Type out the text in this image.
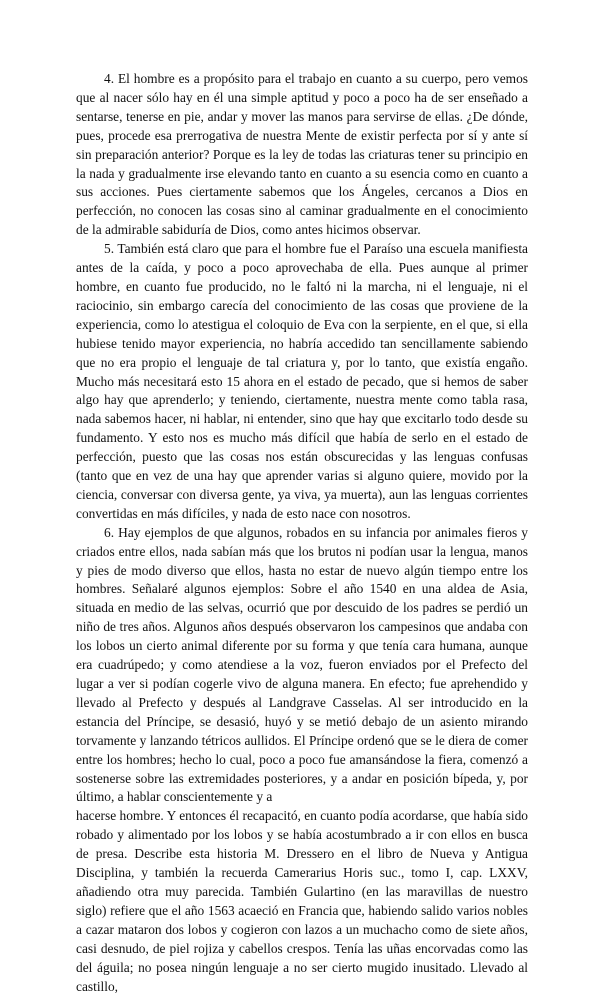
4. El hombre es a propósito para el trabajo en cuanto a su cuerpo, pero vemos que al nacer sólo hay en él una simple aptitud y poco a poco ha de ser enseñado a sentarse, tenerse en pie, andar y mover las manos para servirse de ellas. ¿De dónde, pues, procede esa prerrogativa de nuestra Mente de existir perfecta por sí y ante sí sin preparación anterior? Porque es la ley de todas las criaturas tener su principio en la nada y gradualmente irse elevando tanto en cuanto a su esencia como en cuanto a sus acciones. Pues ciertamente sabemos que los Ángeles, cercanos a Dios en perfección, no conocen las cosas sino al caminar gradualmente en el conocimiento de la admirable sabiduría de Dios, como antes hicimos observar.

5. También está claro que para el hombre fue el Paraíso una escuela manifiesta antes de la caída, y poco a poco aprovechaba de ella. Pues aunque al primer hombre, en cuanto fue producido, no le faltó ni la marcha, ni el lenguaje, ni el raciocinio, sin embargo carecía del conocimiento de las cosas que proviene de la experiencia, como lo atestigua el coloquio de Eva con la serpiente, en el que, si ella hubiese tenido mayor experiencia, no habría accedido tan sencillamente sabiendo que no era propio el lenguaje de tal criatura y, por lo tanto, que existía engaño. Mucho más necesitará esto 15 ahora en el estado de pecado, que si hemos de saber algo hay que aprenderlo; y teniendo, ciertamente, nuestra mente como tabla rasa, nada sabemos hacer, ni hablar, ni entender, sino que hay que excitarlo todo desde su fundamento. Y esto nos es mucho más difícil que había de serlo en el estado de perfección, puesto que las cosas nos están obscurecidas y las lenguas confusas (tanto que en vez de una hay que aprender varias si alguno quiere, movido por la ciencia, conversar con diversa gente, ya viva, ya muerta), aun las lenguas corrientes convertidas en más difíciles, y nada de esto nace con nosotros.

6. Hay ejemplos de que algunos, robados en su infancia por animales fieros y criados entre ellos, nada sabían más que los brutos ni podían usar la lengua, manos y pies de modo diverso que ellos, hasta no estar de nuevo algún tiempo entre los hombres. Señalaré algunos ejemplos: Sobre el año 1540 en una aldea de Asia, situada en medio de las selvas, ocurrió que por descuido de los padres se perdió un niño de tres años. Algunos años después observaron los campesinos que andaba con los lobos un cierto animal diferente por su forma y que tenía cara humana, aunque era cuadrúpedo; y como atendiese a la voz, fueron enviados por el Prefecto del lugar a ver si podían cogerle vivo de alguna manera. En efecto; fue aprehendido y llevado al Prefecto y después al Landgrave Casselas. Al ser introducido en la estancia del Príncipe, se desasió, huyó y se metió debajo de un asiento mirando torvamente y lanzando tétricos aullidos. El Príncipe ordenó que se le diera de comer entre los hombres; hecho lo cual, poco a poco fue amansándose la fiera, comenzó a sostenerse sobre las extremidades posteriores, y a andar en posición bípeda, y, por último, a hablar conscientemente y a

hacerse hombre. Y entonces él recapacitó, en cuanto podía acordarse, que había sido robado y alimentado por los lobos y se había acostumbrado a ir con ellos en busca de presa. Describe esta historia M. Dressero en el libro de Nueva y Antigua Disciplina, y también la recuerda Camerarius Horis suc., tomo I, cap. LXXV, añadiendo otra muy parecida. También Gulartino (en las maravillas de nuestro siglo) refiere que el año 1563 acaeció en Francia que, habiendo salido varios nobles a cazar mataron dos lobos y cogieron con lazos a un muchacho como de siete años, casi desnudo, de piel rojiza y cabellos crespos. Tenía las uñas encorvadas como las del águila; no posea ningún lenguaje a no ser cierto mugido inusitado. Llevado al castillo,
